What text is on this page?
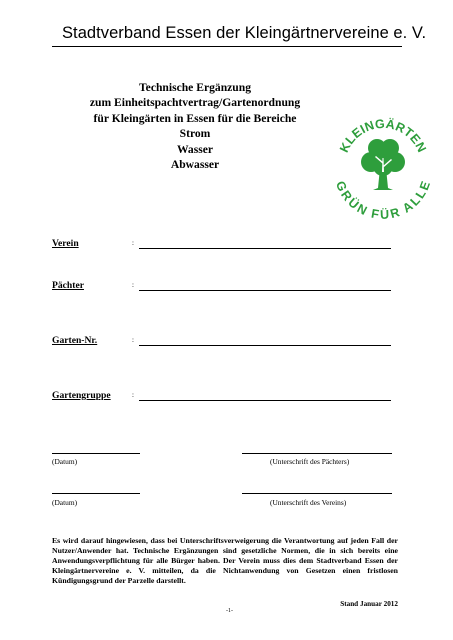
Stadtverband Essen der Kleingärtnervereine e. V.
Technische Ergänzung
zum Einheitspachtvertrag/Gartenordnung
für Kleingärten in Essen für die Bereiche
Strom
Wasser
Abwasser
KLEINGÄRTEN
GRÜN FÜR ALLE
Verein	:
Pächter	:
Garten-Nr.	:
Gartengruppe	:
(Datum)	(Unterschrift des Pächters)
(Datum)	(Unterschrift des Vereins)
Es wird darauf hingewiesen, dass bei Unterschriftsverweigerung die Verantwortung auf jeden Fall der Nutzer/Anwender hat. Technische Ergänzungen sind gesetzliche Normen, die in sich bereits eine Anwendungsverpflichtung für alle Bürger haben. Der Verein muss dies dem Stadtverband Essen der Kleingärtnervereine e. V. mitteilen, da die Nichtanwendung von Gesetzen einen fristlosen Kündigungsgrund der Parzelle darstellt.
Stand Januar 2012
-1-
